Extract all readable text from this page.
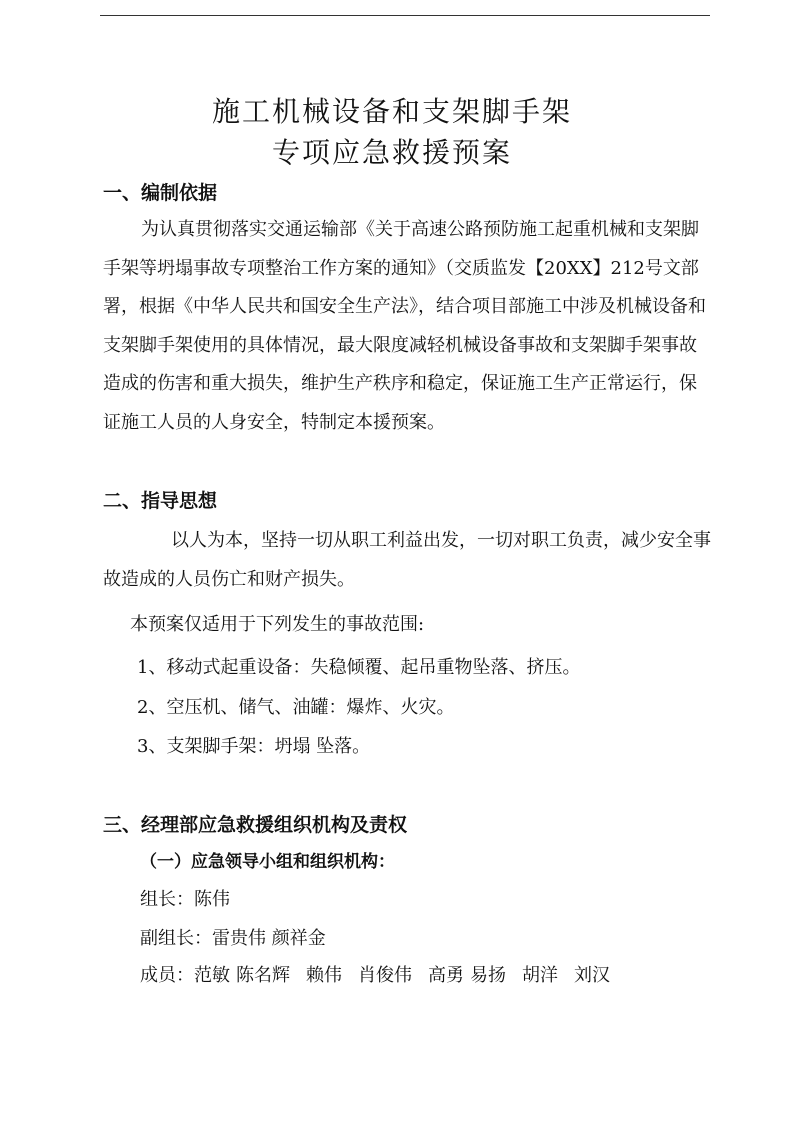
施工机械设备和支架脚手架
专项应急救援预案
一、编制依据

为认真贯彻落实交通运输部《关于高速公路预防施工起重机械和支架脚手架等坍塌事故专项整治工作方案的通知》（交质监发【20XX】212号文部署，根据《中华人民共和国安全生产法》，结合项目部施工中涉及机械设备和支架脚手架使用的具体情况，最大限度减轻机械设备事故和支架脚手架事故造成的伤害和重大损失，维护生产秩序和稳定，保证施工生产正常运行，保证施工人员的人身安全，特制定本援预案。

二、指导思想

以人为本，坚持一切从职工利益出发，一切对职工负责，减少安全事故造成的人员伤亡和财产损失。

本预案仅适用于下列发生的事故范围:

1、移动式起重设备：失稳倾覆、起吊重物坠落、挤压。

2、空压机、储气、油罐：爆炸、火灾。

3、支架脚手架：坍塌 坠落。

三、经理部应急救援组织机构及责权
（一）应急领导小组和组织机构：

组长：陈伟

副组长：雷贵伟 颜祥金

成员：范敏 陈名辉 赖伟 肖俊伟 高勇 易扬 胡洋 刘汉
